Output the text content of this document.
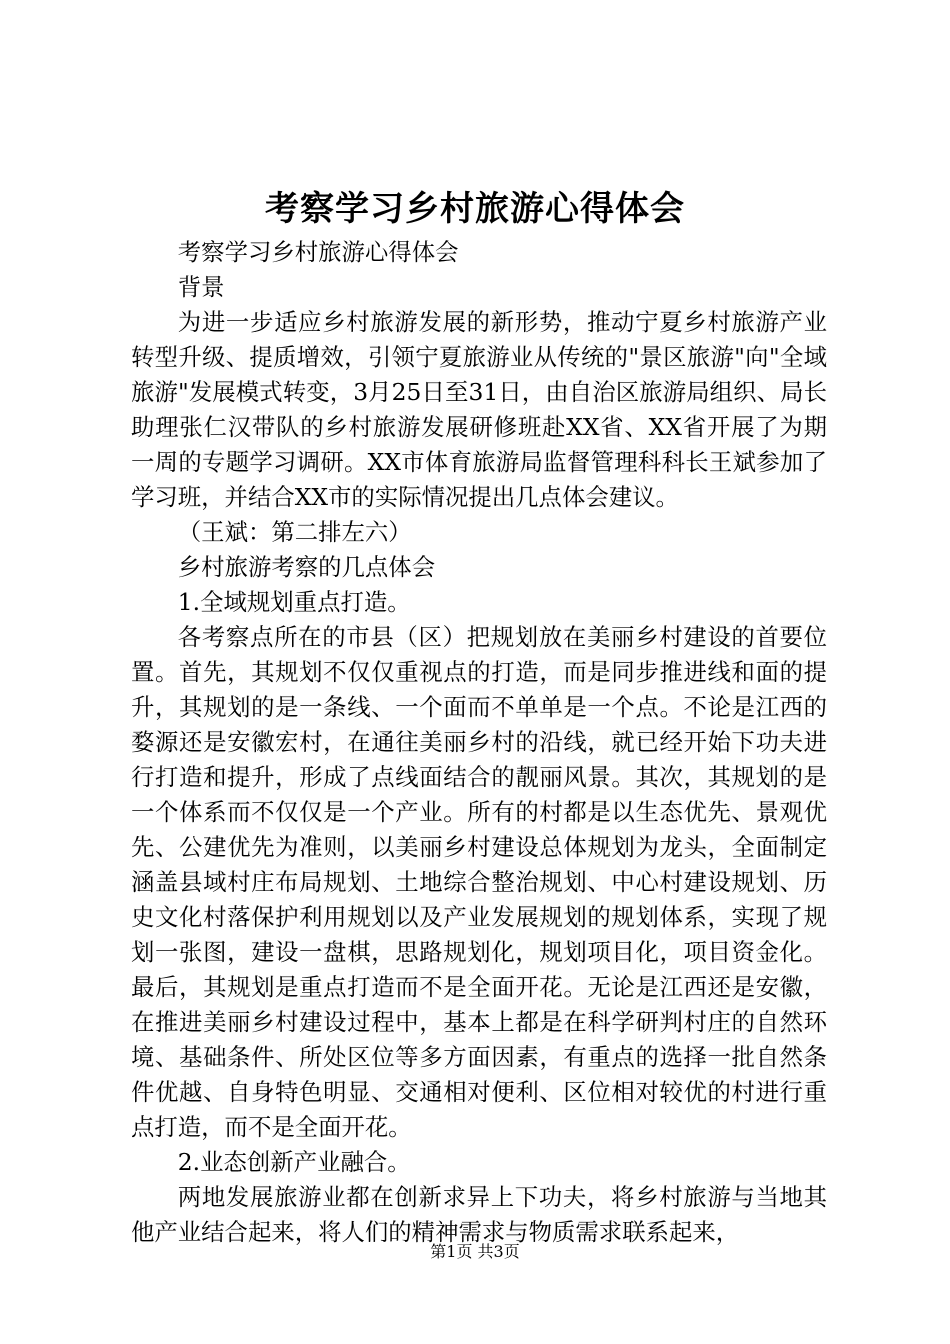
考察学习乡村旅游心得体会

考察学习乡村旅游心得体会

背景

为进一步适应乡村旅游发展的新形势，推动宁夏乡村旅游产业转型升级、提质增效，引领宁夏旅游业从传统的"景区旅游"向"全域旅游"发展模式转变，3月25日至31日，由自治区旅游局组织、局长助理张仁汉带队的乡村旅游发展研修班赴XX省、XX省开展了为期一周的专题学习调研。XX市体育旅游局监督管理科科长王斌参加了学习班，并结合XX市的实际情况提出几点体会建议。

（王斌：第二排左六）

乡村旅游考察的几点体会

1.全域规划重点打造。

各考察点所在的市县（区）把规划放在美丽乡村建设的首要位置。首先，其规划不仅仅重视点的打造，而是同步推进线和面的提升，其规划的是一条线、一个面而不单单是一个点。不论是江西的婺源还是安徽宏村，在通往美丽乡村的沿线，就已经开始下功夫进行打造和提升，形成了点线面结合的靓丽风景。其次，其规划的是一个体系而不仅仅是一个产业。所有的村都是以生态优先、景观优先、公建优先为准则，以美丽乡村建设总体规划为龙头，全面制定涵盖县域村庄布局规划、土地综合整治规划、中心村建设规划、历史文化村落保护利用规划以及产业发展规划的规划体系，实现了规划一张图，建设一盘棋，思路规划化，规划项目化，项目资金化。最后，其规划是重点打造而不是全面开花。无论是江西还是安徽，在推进美丽乡村建设过程中，基本上都是在科学研判村庄的自然环境、基础条件、所处区位等多方面因素，有重点的选择一批自然条件优越、自身特色明显、交通相对便利、区位相对较优的村进行重点打造，而不是全面开花。

2.业态创新产业融合。

两地发展旅游业都在创新求异上下功夫，将乡村旅游与当地其他产业结合起来，将人们的精神需求与物质需求联系起来，

第1页 共3页
